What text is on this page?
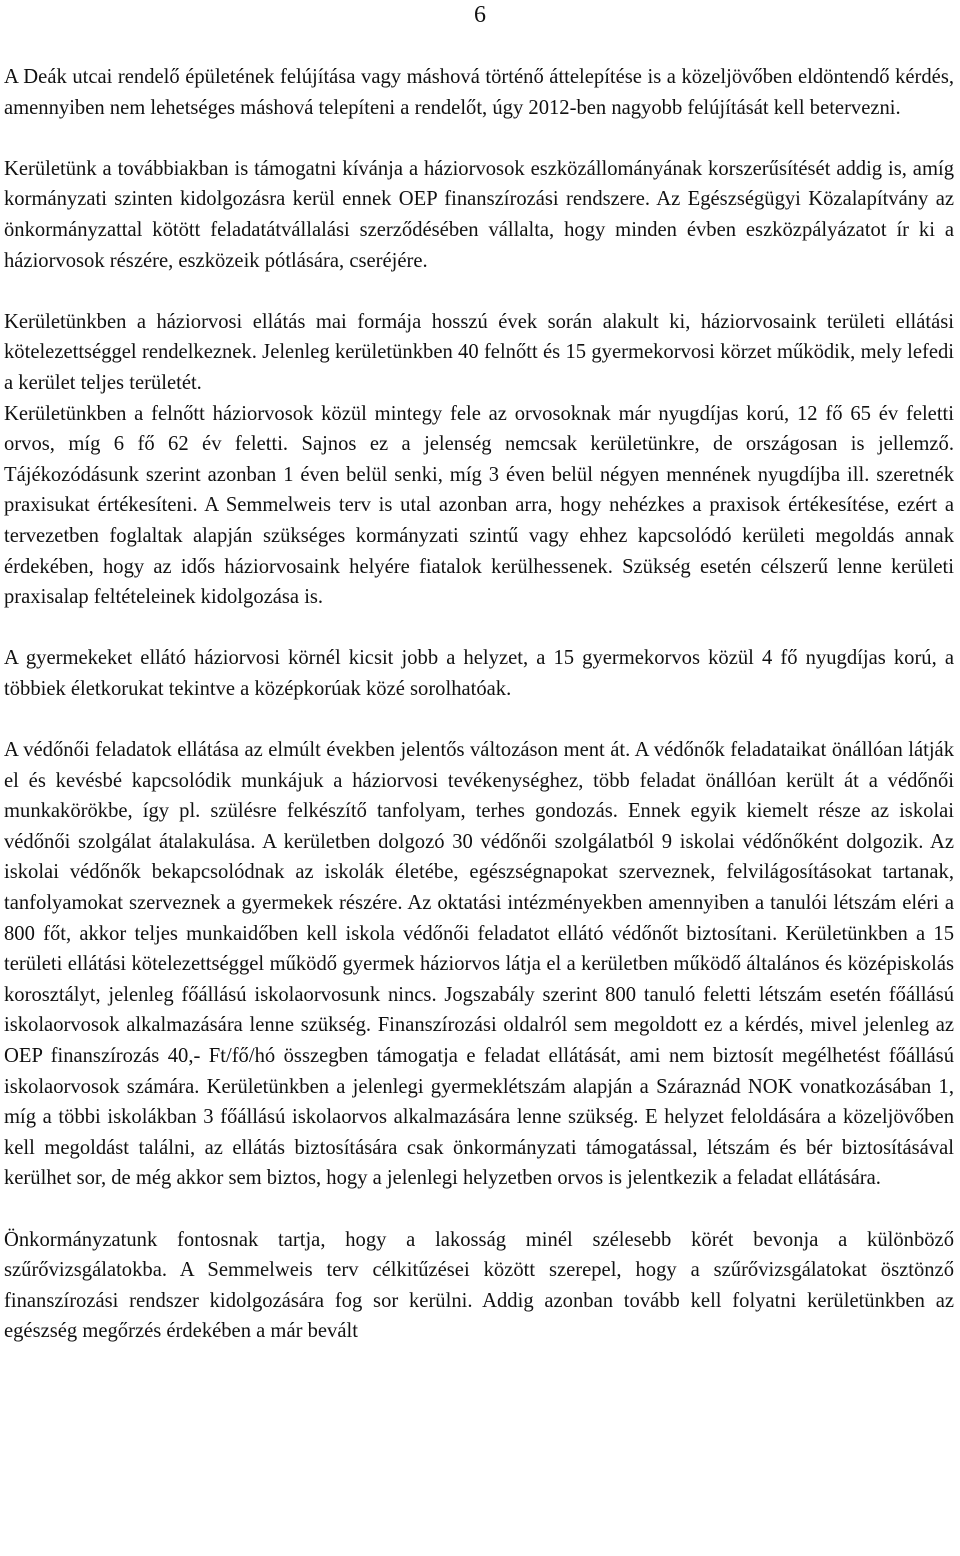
6

A Deák utcai rendelő épületének felújítása vagy máshová történő áttelepítése is a közeljövőben eldöntendő kérdés, amennyiben nem lehetséges máshová telepíteni a rendelőt, úgy 2012-ben nagyobb felújítását kell betervezni.

Kerületünk a továbbiakban is támogatni kívánja a háziorvosok eszközállományának korszerűsítését addig is, amíg kormányzati szinten kidolgozásra kerül ennek OEP finanszírozási rendszere. Az Egészségügyi Közalapítvány az önkormányzattal kötött feladatátvállalási szerződésében vállalta, hogy minden évben eszközpályázatot ír ki a háziorvosok részére, eszközeik pótlására, cseréjére.

Kerületünkben a háziorvosi ellátás mai formája hosszú évek során alakult ki, háziorvosaink területi ellátási kötelezettséggel rendelkeznek. Jelenleg kerületünkben 40 felnőtt és 15 gyermekorvosi körzet működik, mely lefedi a kerület teljes területét.

Kerületünkben a felnőtt háziorvosok közül mintegy fele az orvosoknak már nyugdíjas korú, 12 fő 65 év feletti orvos, míg 6 fő 62 év feletti. Sajnos ez a jelenség nemcsak kerületünkre, de országosan is jellemző. Tájékozódásunk szerint azonban 1 éven belül senki, míg 3 éven belül négyen mennének nyugdíjba ill. szeretnék praxisukat értékesíteni. A Semmelweis terv is utal azonban arra, hogy nehézkes a praxisok értékesítése, ezért a tervezetben foglaltak alapján szükséges kormányzati szintű vagy ehhez kapcsolódó kerületi megoldás annak érdekében, hogy az idős háziorvosaink helyére fiatalok kerülhessenek. Szükség esetén célszerű lenne kerületi praxisalap feltételeinek kidolgozása is.

A gyermekeket ellátó háziorvosi körnél kicsit jobb a helyzet, a 15 gyermekorvos közül 4 fő nyugdíjas korú, a többiek életkorukat tekintve a középkorúak közé sorolhatóak.

A védőnői feladatok ellátása az elmúlt években jelentős változáson ment át. A védőnők feladataikat önállóan látják el és kevésbé kapcsolódik munkájuk a háziorvosi tevékenységhez, több feladat önállóan került át a védőnői munkakörökbe, így pl. szülésre felkészítő tanfolyam, terhes gondozás. Ennek egyik kiemelt része az iskolai védőnői szolgálat átalakulása. A kerületben dolgozó 30 védőnői szolgálatból 9 iskolai védőnőként dolgozik. Az iskolai védőnők bekapcsolódnak az iskolák életébe, egészségnapokat szerveznek, felvilágosításokat tartanak, tanfolyamokat szerveznek a gyermekek részére. Az oktatási intézményekben amennyiben a tanulói létszám eléri a 800 főt, akkor teljes munkaidőben kell iskola védőnői feladatot ellátó védőnőt biztosítani. Kerületünkben a 15 területi ellátási kötelezettséggel működő gyermek háziorvos látja el a kerületben működő általános és középiskolás korosztályt, jelenleg főállású iskolaorvosunk nincs. Jogszabály szerint 800 tanuló feletti létszám esetén főállású iskolaorvosok alkalmazására lenne szükség. Finanszírozási oldalról sem megoldott ez a kérdés, mivel jelenleg az OEP finanszírozás 40,- Ft/fő/hó összegben támogatja e feladat ellátását, ami nem biztosít megélhetést főállású iskolaorvosok számára. Kerületünkben a jelenlegi gyermeklétszám alapján a Száraznád NOK vonatkozásában 1, míg a többi iskolákban 3 főállású iskolaorvos alkalmazására lenne szükség. E helyzet feloldására a közeljövőben kell megoldást találni, az ellátás biztosítására csak önkormányzati támogatással, létszám és bér biztosításával kerülhet sor, de még akkor sem biztos, hogy a jelenlegi helyzetben orvos is jelentkezik a feladat ellátására.

Önkormányzatunk fontosnak tartja, hogy a lakosság minél szélesebb körét bevonja a különböző szűrővizsgálatokba. A Semmelweis terv célkitűzései között szerepel, hogy a szűrővizsgálatokat ösztönző finanszírozási rendszer kidolgozására fog sor kerülni. Addig azonban tovább kell folyatni kerületünkben az egészség megőrzés érdekében a már bevált
